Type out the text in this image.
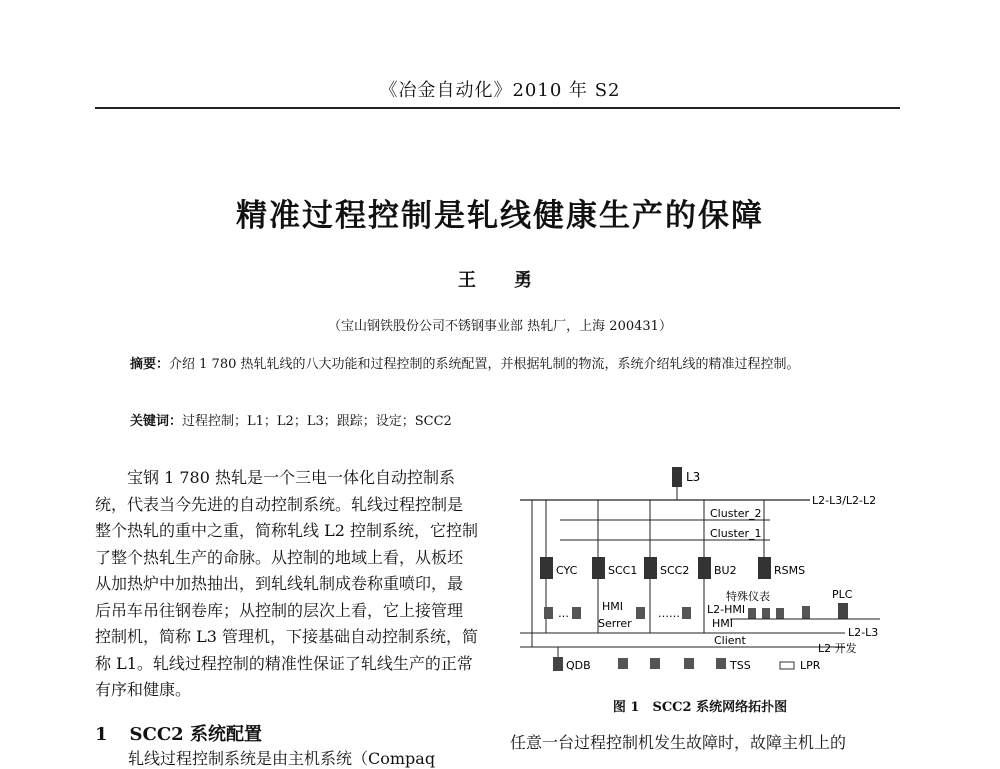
《冶金自动化》2010 年 S2
精准过程控制是轧线健康生产的保障
王　勇
（宝山钢铁股份公司不锈钢事业部 热轧厂，上海 200431）
摘要：介绍 1 780 热轧轧线的八大功能和过程控制的系统配置，并根据轧制的物流，系统介绍轧线的精准过程控制。
关键词：过程控制；L1；L2；L3；跟踪；设定；SCC2
宝钢 1 780 热轧是一个三电一体化自动控制系统，代表当今先进的自动控制系统。轧线过程控制是整个热轧的重中之重，简称轧线 L2 控制系统，它控制了整个热轧生产的命脉。从控制的地域上看，从板坯从加热炉中加热抽出，到轧线轧制成卷称重喷印，最后吊车吊往钢卷库；从控制的层次上看，它上接管理控制机，简称 L3 管理机，下接基础自动控制系统，简称 L1。轧线过程控制的精准性保证了轧线生产的正常有序和健康。
1 SCC2 系统配置
轧线过程控制系统是由主机系统（Compaq
L3
L2-L3/L2-L2
Cluster_2
Cluster_1
CYC	SCC1 SCC2 BU2	RSMS
特殊仪表	PLC
…
HMI
Serrer
…… L2-HMI
HMI
Client
L2-L3
L2 开发
QDB	TSS	LPR
图 1　SCC2 系统网络拓扑图
任意一台过程控制机发生故障时，故障主机上的
